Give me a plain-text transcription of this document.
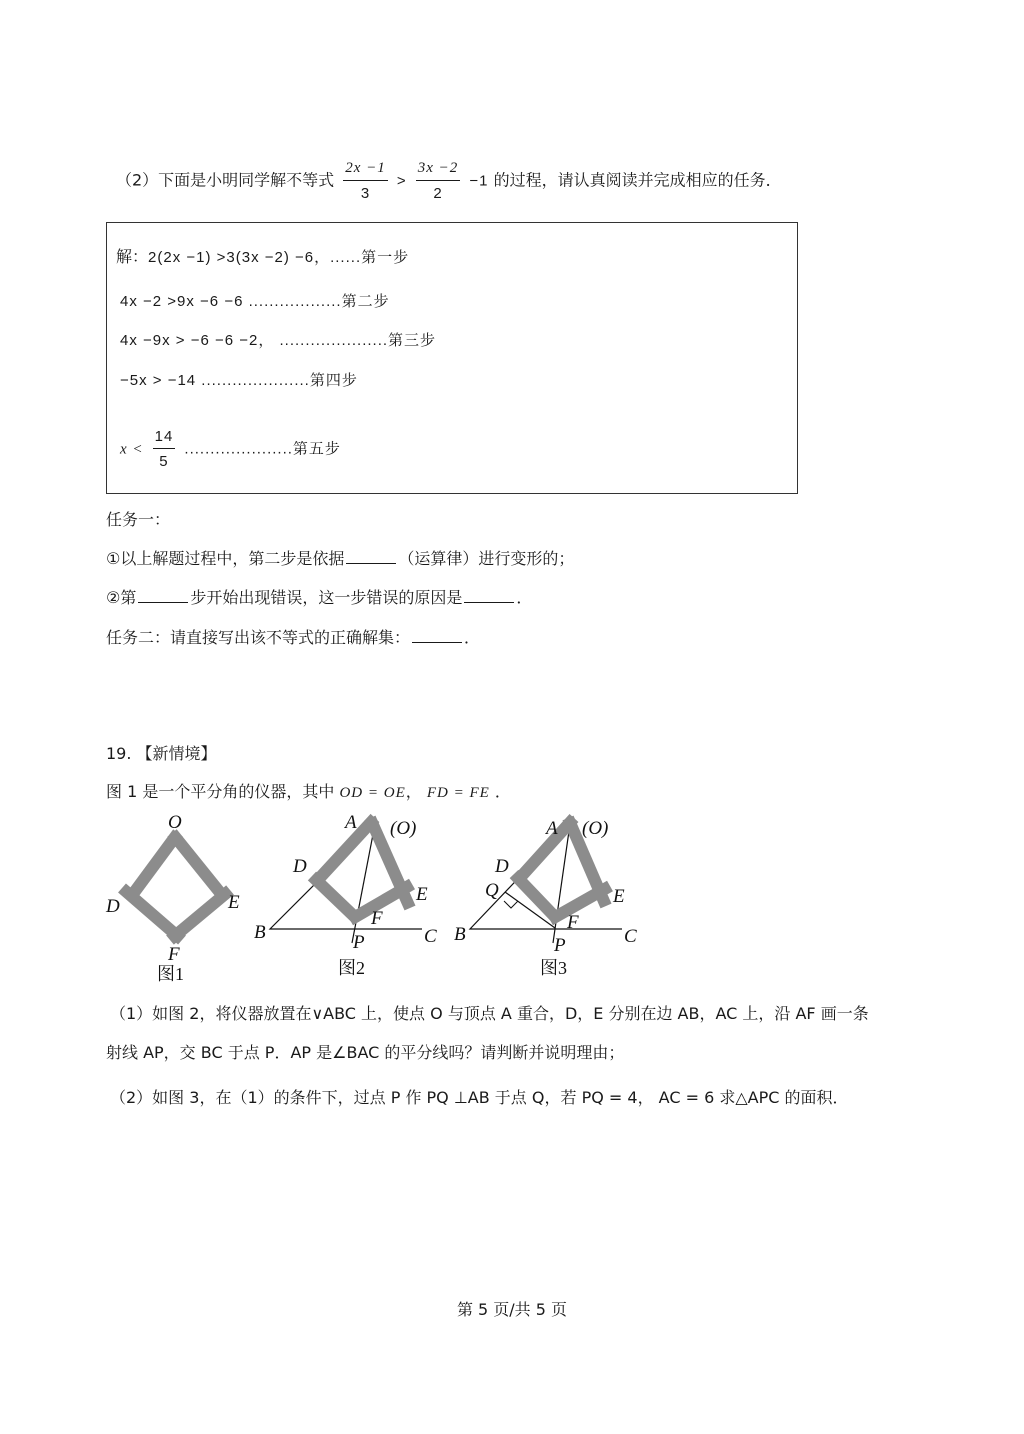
（2）下面是小明同学解不等式 $\frac{2x -1}{3} > \frac{3x -2}{2} -1$ 的过程，请认真阅读并完成相应的任务．
解：2(2x −1) >3(3x −2) −6，......第一步
4x −2 >9x −6 −6 ..................第二步
4x −9x > −6 −6 −2， .....................第三步
−5x > −14 .....................第四步
$x < \frac{14}{5}$ .....................第五步
任务一：
①以上解题过程中，第二步是依据	（运算律）进行变形的；
②第	步开始出现错误，这一步错误的原因是	．
任务二：请直接写出该不等式的正确解集：	．
19. 【新情境】
图 1 是一个平分角的仪器，其中 OD = OE， FD = FE ．
O
D	E
F
图1
A (O)
D
E
F
B	C
P
图2
A (O)
D
Q	E
F
B	C
P
图3
（1）如图 2，将仪器放置在∨ABC 上，使点 O 与顶点 A 重合，D，E 分别在边 AB，AC 上，沿 AF 画一条
射线 AP，交 BC 于点 P．AP 是∠BAC 的平分线吗？请判断并说明理由；
（2）如图 3，在（1）的条件下，过点 P 作 PQ ⊥AB 于点 Q，若 PQ = 4， AC = 6 求△APC 的面积．
第 5 页/共 5 页
